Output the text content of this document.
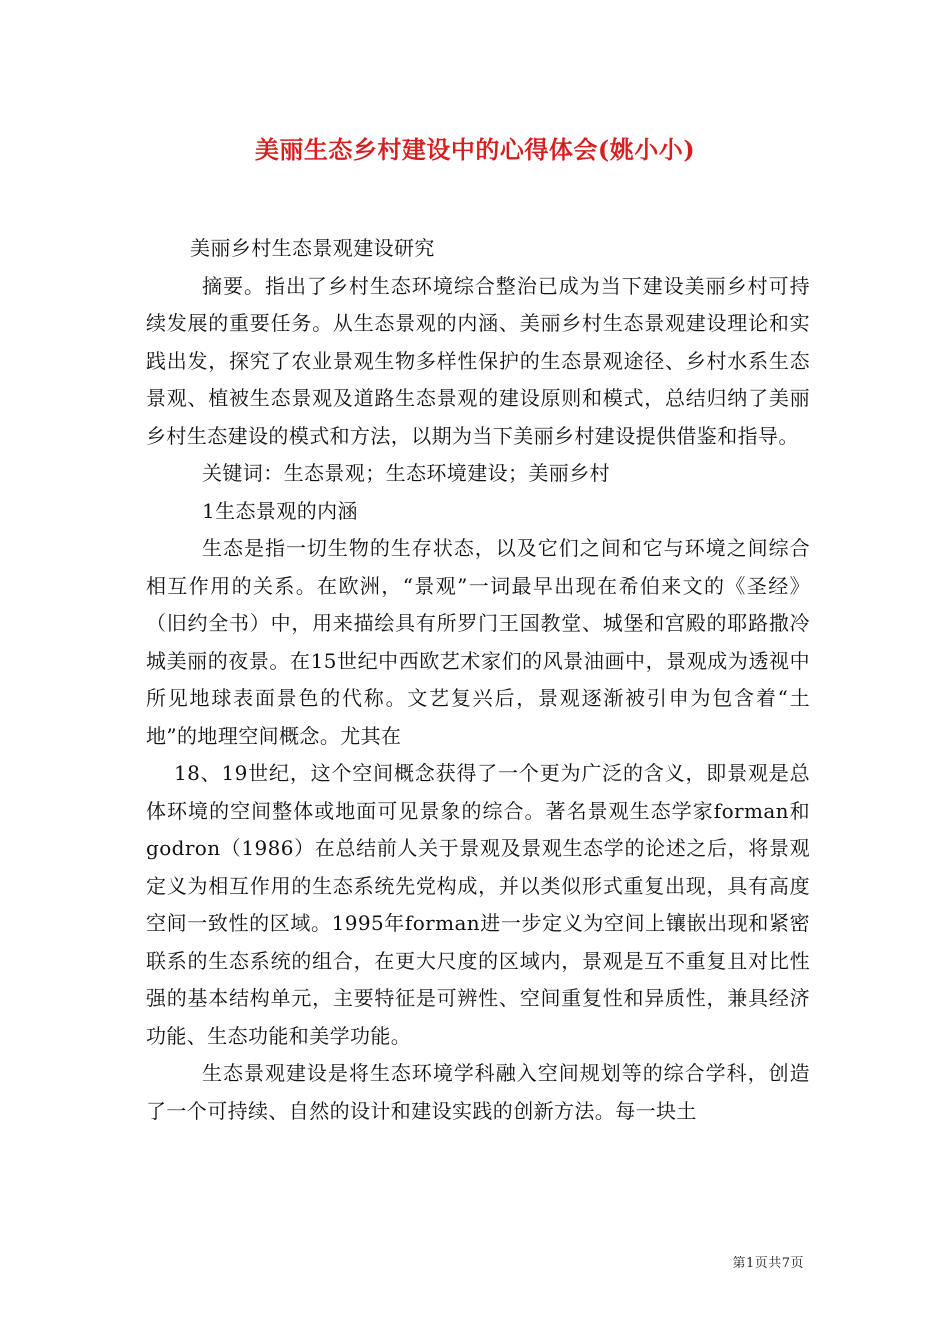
美丽生态乡村建设中的心得体会(姚小小)

美丽乡村生态景观建设研究

摘要。指出了乡村生态环境综合整治已成为当下建设美丽乡村可持续发展的重要任务。从生态景观的内涵、美丽乡村生态景观建设理论和实践出发，探究了农业景观生物多样性保护的生态景观途径、乡村水系生态景观、植被生态景观及道路生态景观的建设原则和模式，总结归纳了美丽乡村生态建设的模式和方法，以期为当下美丽乡村建设提供借鉴和指导。

关键词：生态景观；生态环境建设；美丽乡村

1生态景观的内涵

生态是指一切生物的生存状态，以及它们之间和它与环境之间综合相互作用的关系。在欧洲，“景观”一词最早出现在希伯来文的《圣经》（旧约全书）中，用来描绘具有所罗门王国教堂、城堡和宫殿的耶路撒冷城美丽的夜景。在15世纪中西欧艺术家们的风景油画中，景观成为透视中所见地球表面景色的代称。文艺复兴后，景观逐渐被引申为包含着“土地”的地理空间概念。尤其在

18、19世纪，这个空间概念获得了一个更为广泛的含义，即景观是总体环境的空间整体或地面可见景象的综合。著名景观生态学家forman和godron（1986）在总结前人关于景观及景观生态学的论述之后，将景观定义为相互作用的生态系统先党构成，并以类似形式重复出现，具有高度空间一致性的区域。1995年forman进一步定义为空间上镶嵌出现和紧密联系的生态系统的组合，在更大尺度的区域内，景观是互不重复且对比性强的基本结构单元，主要特征是可辨性、空间重复性和异质性，兼具经济功能、生态功能和美学功能。

生态景观建设是将生态环境学科融入空间规划等的综合学科，创造了一个可持续、自然的设计和建设实践的创新方法。每一块土

第1页共7页
